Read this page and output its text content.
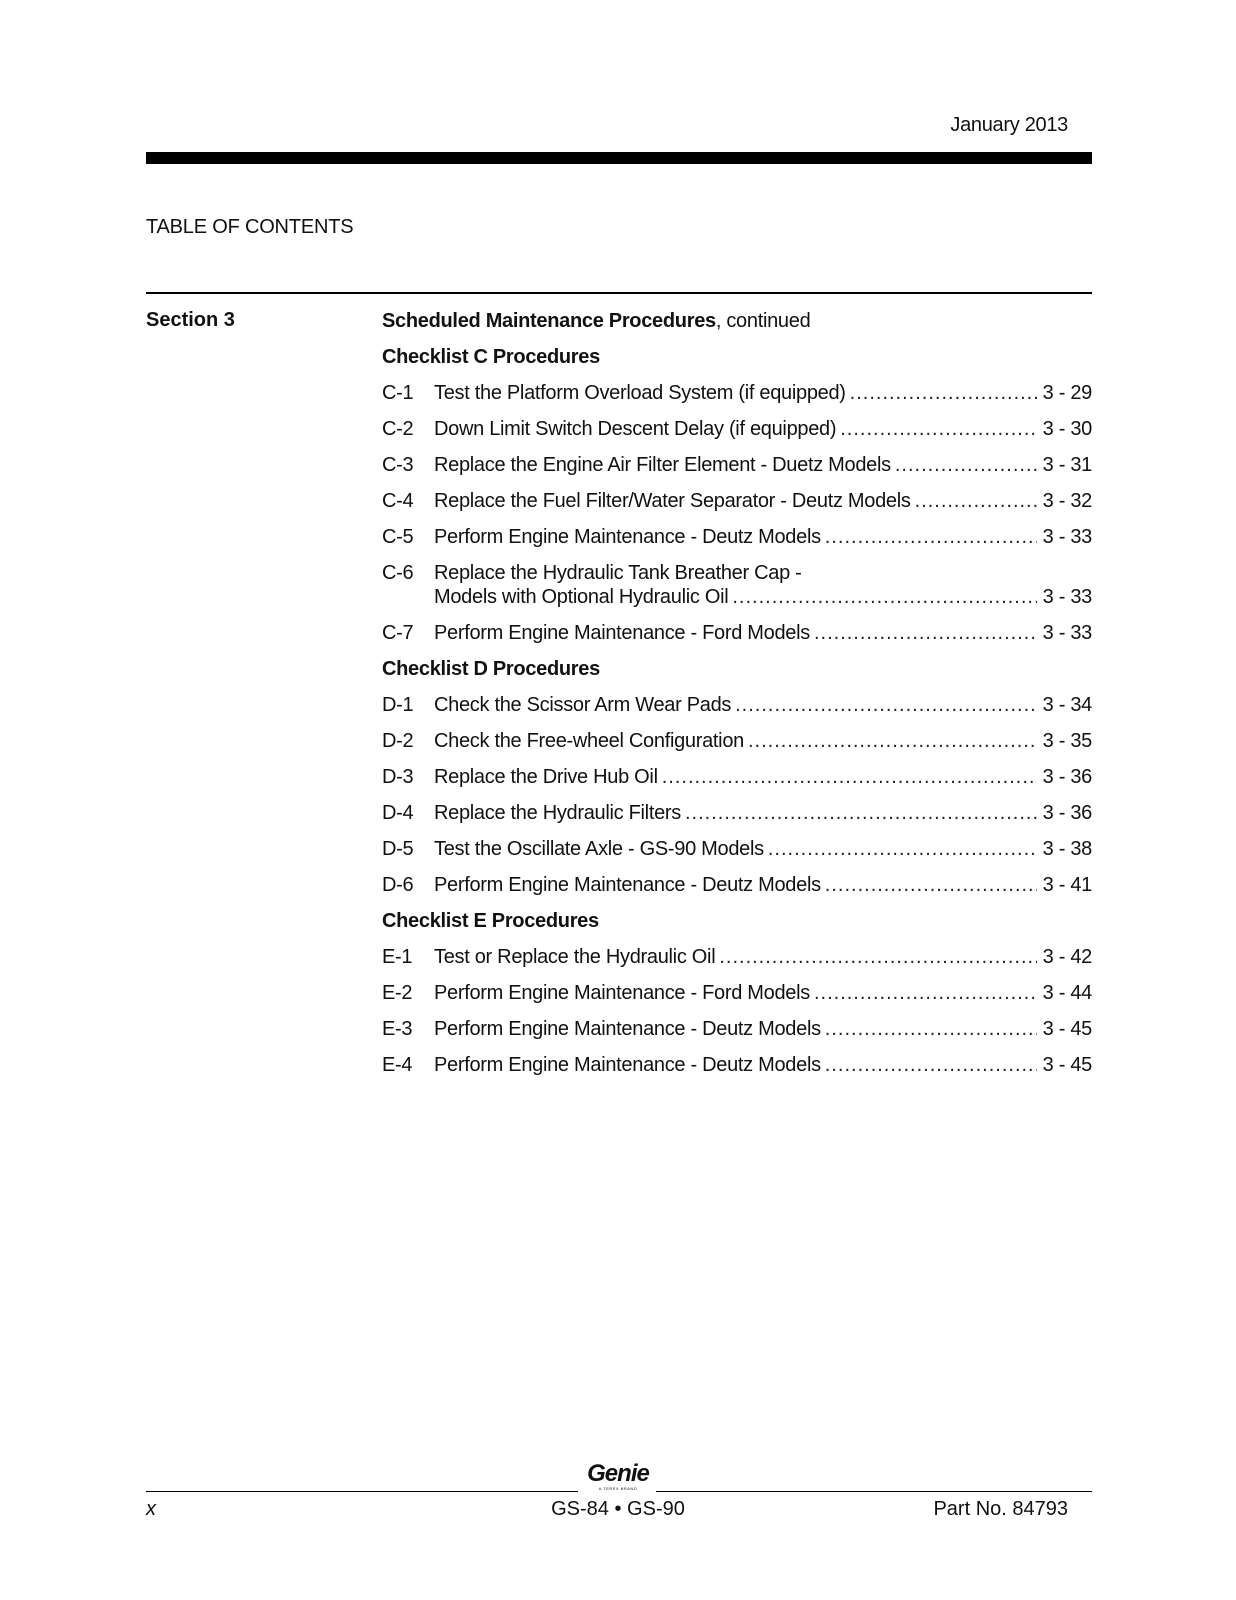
January 2013
TABLE OF CONTENTS
Section 3	Scheduled Maintenance Procedures, continued
Checklist C Procedures
C-1	Test the Platform Overload System (if equipped) .....	3 - 29
C-2	Down Limit Switch Descent Delay (if equipped) .....	3 - 30
C-3	Replace the Engine Air Filter Element - Duetz Models .....	3 - 31
C-4	Replace the Fuel Filter/Water Separator - Deutz Models .....	3 - 32
C-5	Perform Engine Maintenance - Deutz Models .....	3 - 33
C-6	Replace the Hydraulic Tank Breather Cap -
Models with Optional Hydraulic Oil .....	3 - 33
C-7	Perform Engine Maintenance - Ford Models .....	3 - 33
Checklist D Procedures
D-1	Check the Scissor Arm Wear Pads .....	3 - 34
D-2	Check the Free-wheel Configuration .....	3 - 35
D-3	Replace the Drive Hub Oil .....	3 - 36
D-4	Replace the Hydraulic Filters .....	3 - 36
D-5	Test the Oscillate Axle - GS-90 Models .....	3 - 38
D-6	Perform Engine Maintenance - Deutz Models .....	3 - 41
Checklist E Procedures
E-1	Test or Replace the Hydraulic Oil .....	3 - 42
E-2	Perform Engine Maintenance - Ford Models .....	3 - 44
E-3	Perform Engine Maintenance - Deutz Models .....	3 - 45
E-4	Perform Engine Maintenance - Deutz Models .....	3 - 45
Genie
A TEREX BRAND
x	GS-84 • GS-90	Part No. 84793
